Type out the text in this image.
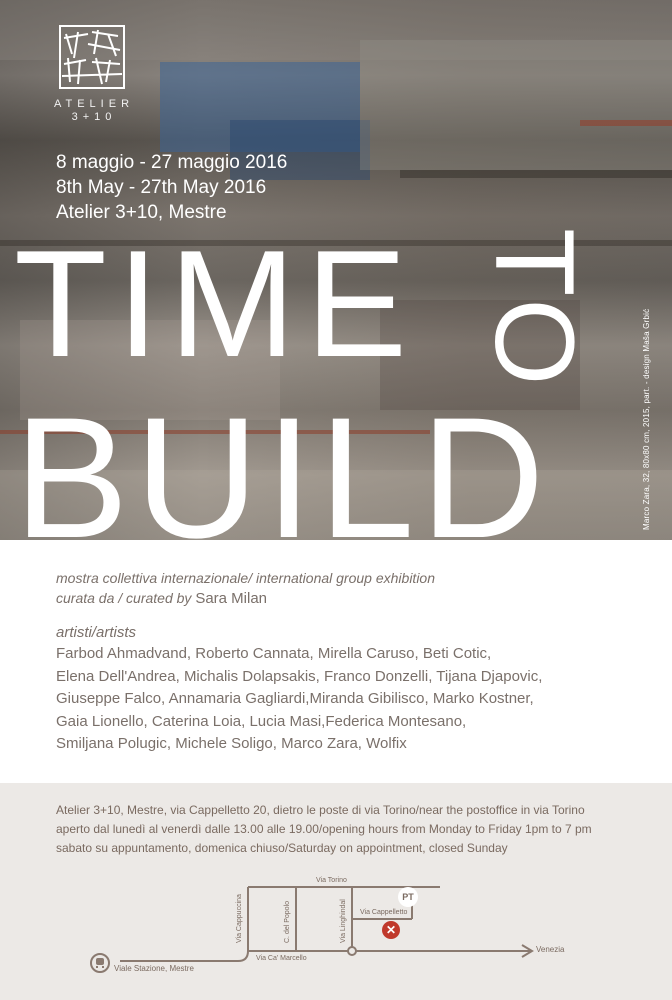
ATELIER
3+10
8 maggio - 27 maggio 2016
8th May - 27th May 2016
Atelier 3+10, Mestre
TIME TO
BUILD	Marco Zara, 32, 80x80 cm, 2015, part. - design Maša Grbić
mostra collettiva internazionale/ international group exhibition
curata da / curated by Sara Milan
artisti/artists
Farbod Ahmadvand, Roberto Cannata, Mirella Caruso, Beti Cotic,
Elena Dell'Andrea, Michalis Dolapsakis, Franco Donzelli, Tijana Djapovic,
Giuseppe Falco, Annamaria Gagliardi,Miranda Gibilisco, Marko Kostner,
Gaia Lionello, Caterina Loia, Lucia Masi,Federica Montesano,
Smiljana Polugic, Michele Soligo, Marco Zara, Wolfix
Atelier 3+10, Mestre, via Cappelletto 20, dietro le poste di via Torino/near the postoffice in via Torino
aperto dal lunedì al venerdì dalle 13.00 alle 19.00/opening hours from Monday to Friday 1pm to 7 pm
sabato su appuntamento, domenica chiuso/Saturday on appointment, closed Sunday
Via Torino
Via Cappuccina	C. del Popolo	Via Linghindal Via Cappelletto
PT
✕
Viale Stazione, Mestre
Via Ca' Marcello
Venezia
